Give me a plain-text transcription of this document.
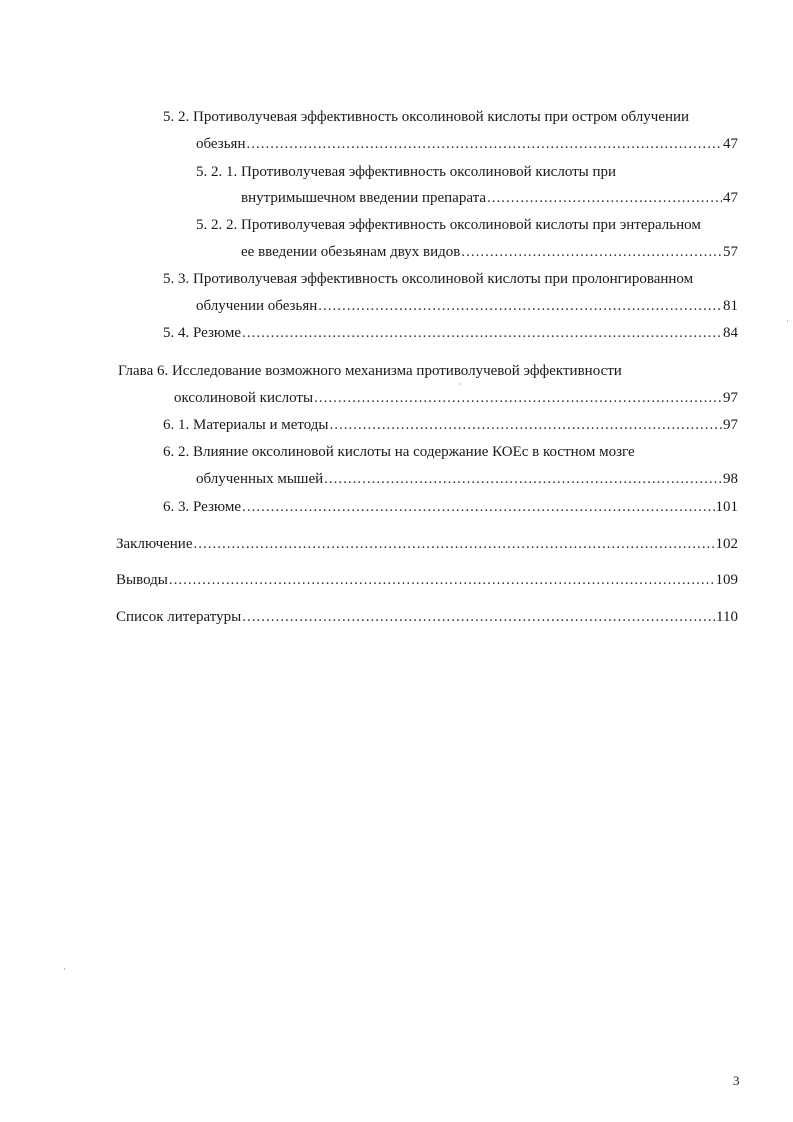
5. 2. Противолучевая эффективность оксолиновой кислоты при остром облучении
обезьян .....	47
5. 2. 1. Противолучевая эффективность оксолиновой кислоты при
внутримышечном введении препарата .....	47
5. 2. 2. Противолучевая эффективность оксолиновой кислоты при энтеральном
ее введении обезьянам двух видов .....	57
5. 3. Противолучевая эффективность оксолиновой кислоты при пролонгированном
облучении обезьян .....	81
5. 4. Резюме .....	84
Глава 6. Исследование возможного механизма противолучевой эффективности
оксолиновой кислоты .....	97
6. 1. Материалы и методы .....	97
6. 2. Влияние оксолиновой кислоты на содержание КОЕс в костном мозге
облученных мышей .....	98
6. 3. Резюме .....	101
Заключение .....	102
Выводы .....	109
Список литературы .....	110
3
